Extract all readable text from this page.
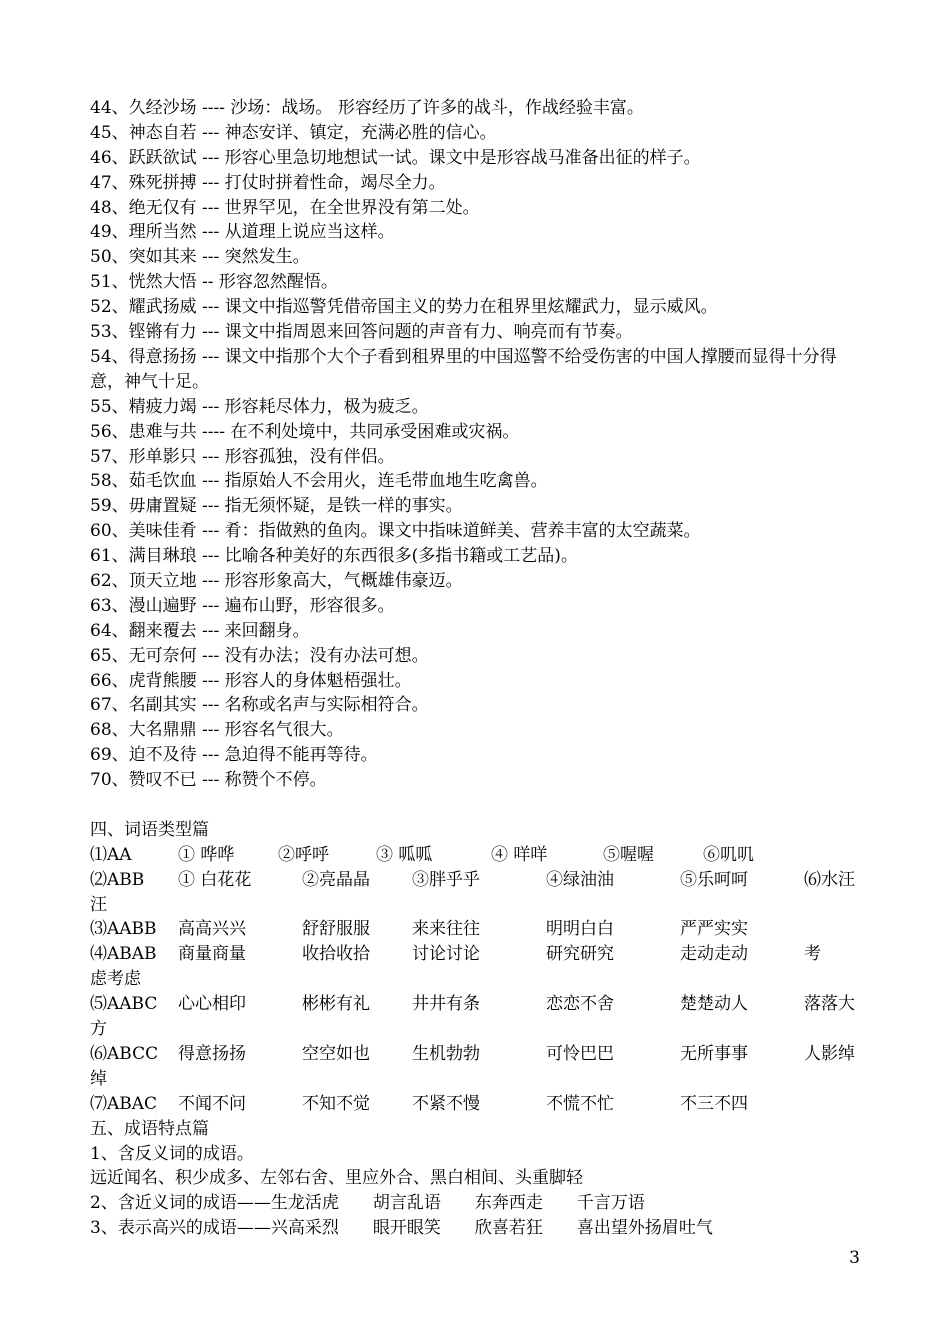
44、久经沙场 ---- 沙场：战场。 形容经历了许多的战斗，作战经验丰富。
45、神态自若 --- 神态安详、镇定，充满必胜的信心。
46、跃跃欲试 --- 形容心里急切地想试一试。课文中是形容战马准备出征的样子。
47、殊死拼搏 --- 打仗时拼着性命，竭尽全力。
48、绝无仅有 --- 世界罕见，在全世界没有第二处。
49、理所当然 --- 从道理上说应当这样。
50、突如其来 --- 突然发生。
51、恍然大悟 -- 形容忽然醒悟。
52、耀武扬威 --- 课文中指巡警凭借帝国主义的势力在租界里炫耀武力，显示威风。
53、铿锵有力 --- 课文中指周恩来回答问题的声音有力、响亮而有节奏。
54、得意扬扬 --- 课文中指那个大个子看到租界里的中国巡警不给受伤害的中国人撑腰而显得十分得意，神气十足。
55、精疲力竭 --- 形容耗尽体力，极为疲乏。
56、患难与共 ---- 在不利处境中，共同承受困难或灾祸。
57、形单影只 --- 形容孤独，没有伴侣。
58、茹毛饮血 --- 指原始人不会用火，连毛带血地生吃禽兽。
59、毋庸置疑 --- 指无须怀疑，是铁一样的事实。
60、美味佳肴 --- 肴：指做熟的鱼肉。课文中指味道鲜美、营养丰富的太空蔬菜。
61、满目琳琅 --- 比喻各种美好的东西很多(多指书籍或工艺品)。
62、顶天立地 --- 形容形象高大，气概雄伟豪迈。
63、漫山遍野 --- 遍布山野，形容很多。
64、翻来覆去 --- 来回翻身。
65、无可奈何 --- 没有办法；没有办法可想。
66、虎背熊腰 --- 形容人的身体魁梧强壮。
67、名副其实 --- 名称或名声与实际相符合。
68、大名鼎鼎 --- 形容名气很大。
69、迫不及待 --- 急迫得不能再等待。
70、赞叹不已 --- 称赞个不停。
四、词语类型篇
⑴AA	① 哗哗	②呼呼	③ 呱呱	④ 咩咩	⑤喔喔	⑥叽叽
⑵ABB	① 白花花	②亮晶晶	③胖乎乎	④绿油油	⑤乐呵呵	⑹水汪
汪
⑶AABB	高高兴兴	舒舒服服	来来往往	明明白白	严严实实
⑷ABAB	商量商量	收拾收拾	讨论讨论	研究研究	走动走动	考
虑考虑
⑸AABC	心心相印	彬彬有礼	井井有条	恋恋不舍	楚楚动人	落落大
方
⑹ABCC	得意扬扬	空空如也	生机勃勃	可怜巴巴	无所事事	人影绰
绰
⑺ABAC	不闻不问	不知不觉	不紧不慢	不慌不忙	不三不四
五、成语特点篇
1、含反义词的成语。
远近闻名、积少成多、左邻右舍、里应外合、黑白相间、头重脚轻
2、含近义词的成语——生龙活虎　　胡言乱语　　东奔西走　　千言万语
3、表示高兴的成语——兴高采烈　　眼开眼笑　　欣喜若狂　　喜出望外扬眉吐气
3
